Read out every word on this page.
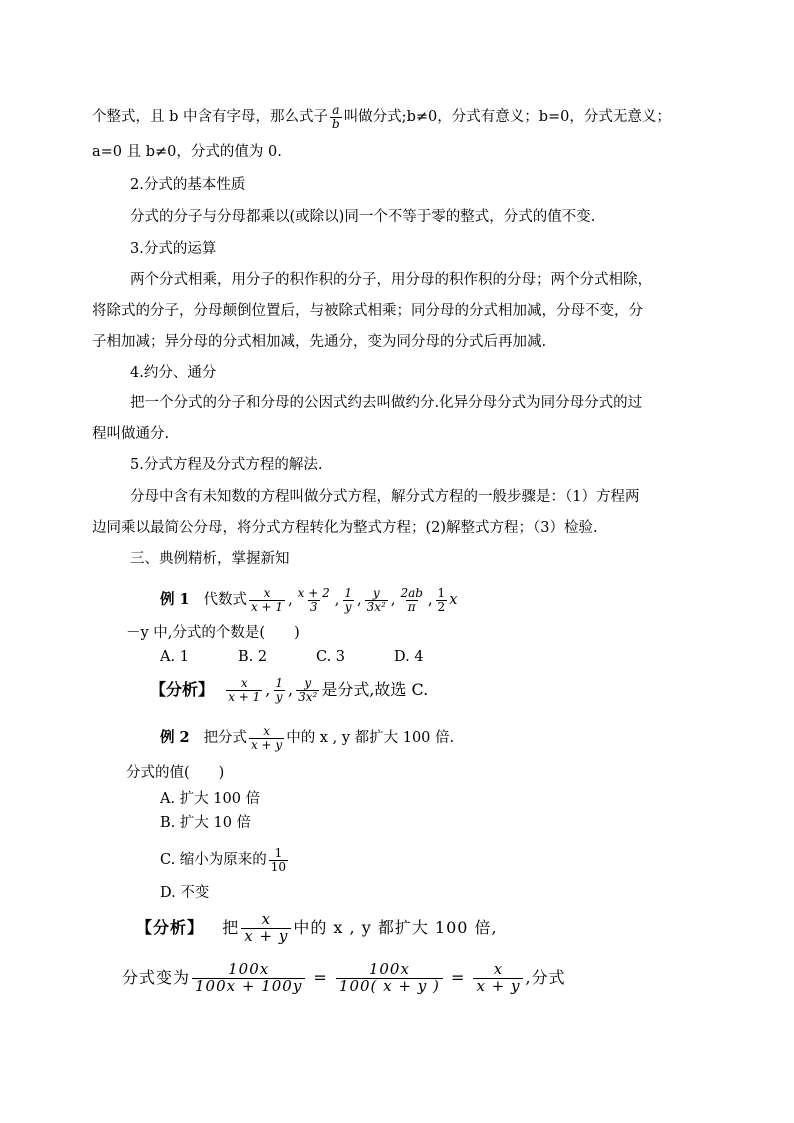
个整式，且 b 中含有字母，那么式子 $\frac{a}{b}$ 叫做分式;b≠0，分式有意义；b=0，分式无意义；
a=0 且 b≠0，分式的值为 0.
2.分式的基本性质
分式的分子与分母都乘以(或除以)同一个不等于零的整式，分式的值不变.
3.分式的运算
两个分式相乘，用分子的积作积的分子，用分母的积作积的分母；两个分式相除，
将除式的分子，分母颠倒位置后，与被除式相乘；同分母的分式相加减，分母不变，分
子相加减；异分母的分式相加减，先通分，变为同分母的分式后再加减.
4.约分、通分
把一个分式的分子和分母的公因式约去叫做约分.化异分母分式为同分母分式的过
程叫做通分.
5.分式方程及分式方程的解法.
分母中含有未知数的方程叫做分式方程，解分式方程的一般步骤是：（1）方程两
边同乘以最简公分母，将分式方程转化为整式方程；(2)解整式方程；（3）检验.
三、典例精析，掌握新知
例 1 代数式 $\frac{x}{x + 1}$ , $\frac{x + 2}{3}$ , $\frac{1}{y}$ , $\frac{y}{\text{3x²}}$ , $\frac{2ab}{\pi}$ , $\frac{1}{2}$ x
－y 中,分式的个数是(　　)
A. 1	B. 2	C. 3	D. 4
【分析】 $\frac{x}{x + 1}$ , $\frac{1}{y}$ , $\frac{y}{\text{3x²}}$ 是分式,故选 C.
例 2 把分式 $\frac{x}{x + y}$ 中的 x , y 都扩大 100 倍.
分式的值(　　)
A. 扩大 100 倍
B. 扩大 10 倍
C. 缩小为原来的 $\frac{1}{10}$
D. 不变
【分析】 把 $\frac{x}{x + y}$ 中的 x , y 都扩大 100 倍,
分式变为 $\frac{100x}{100x + 100y} = \frac{100x}{100( x + y )} = \frac{x}{x + y}$ ,分式
